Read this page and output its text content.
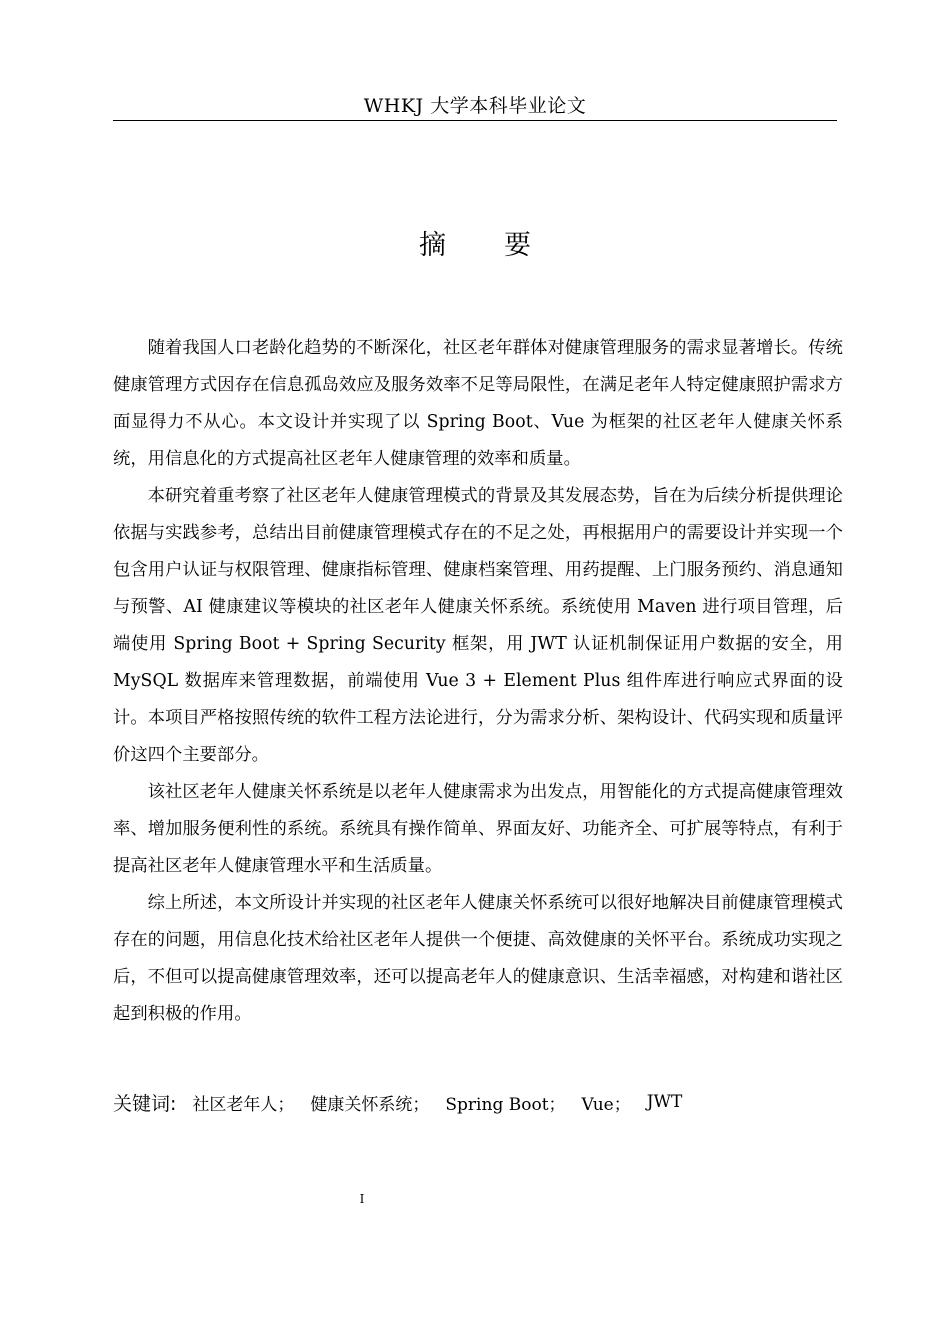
WHKJ 大学本科毕业论文
摘 要

随着我国人口老龄化趋势的不断深化，社区老年群体对健康管理服务的需求显著增长。传统健康管理方式因存在信息孤岛效应及服务效率不足等局限性，在满足老年人特定健康照护需求方面显得力不从心。本文设计并实现了以 Spring Boot、Vue 为框架的社区老年人健康关怀系统，用信息化的方式提高社区老年人健康管理的效率和质量。

本研究着重考察了社区老年人健康管理模式的背景及其发展态势，旨在为后续分析提供理论依据与实践参考，总结出目前健康管理模式存在的不足之处，再根据用户的需要设计并实现一个包含用户认证与权限管理、健康指标管理、健康档案管理、用药提醒、上门服务预约、消息通知与预警、AI 健康建议等模块的社区老年人健康关怀系统。系统使用 Maven 进行项目管理，后端使用 Spring Boot + Spring Security 框架，用 JWT 认证机制保证用户数据的安全，用 MySQL 数据库来管理数据，前端使用 Vue 3 + Element Plus 组件库进行响应式界面的设计。本项目严格按照传统的软件工程方法论进行，分为需求分析、架构设计、代码实现和质量评价这四个主要部分。

该社区老年人健康关怀系统是以老年人健康需求为出发点，用智能化的方式提高健康管理效率、增加服务便利性的系统。系统具有操作简单、界面友好、功能齐全、可扩展等特点，有利于提高社区老年人健康管理水平和生活质量。

综上所述，本文所设计并实现的社区老年人健康关怀系统可以很好地解决目前健康管理模式存在的问题，用信息化技术给社区老年人提供一个便捷、高效健康的关怀平台。系统成功实现之后，不但可以提高健康管理效率，还可以提高老年人的健康意识、生活幸福感，对构建和谐社区起到积极的作用。

关键词: 社区老年人； 健康关怀系统； Spring Boot； Vue； JWT
I
